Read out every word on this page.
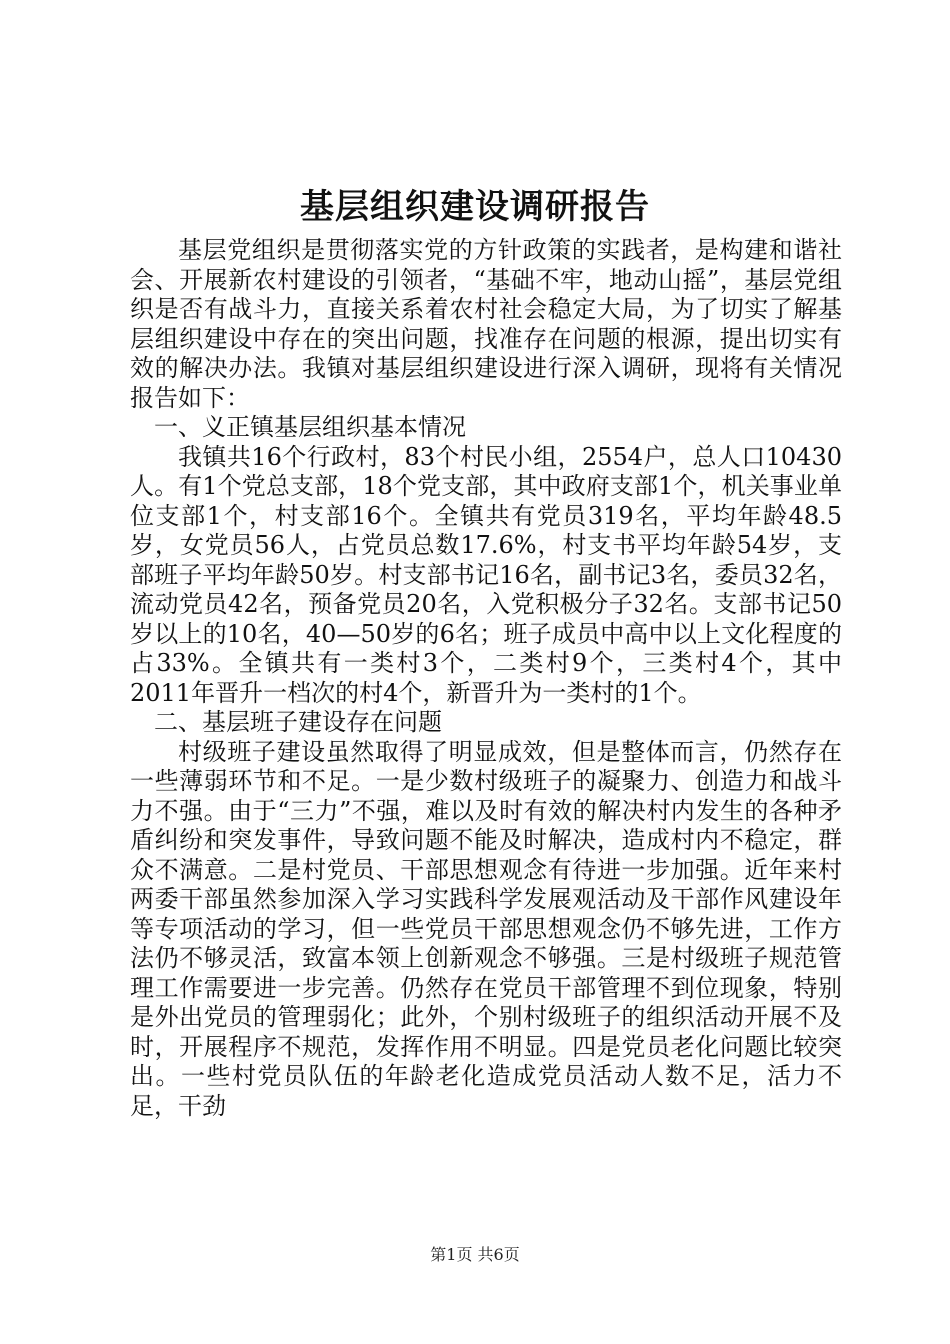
基层组织建设调研报告

基层党组织是贯彻落实党的方针政策的实践者，是构建和谐社会、开展新农村建设的引领者，“基础不牢，地动山摇”，基层党组织是否有战斗力，直接关系着农村社会稳定大局，为了切实了解基层组织建设中存在的突出问题，找准存在问题的根源，提出切实有效的解决办法。我镇对基层组织建设进行深入调研，现将有关情况报告如下：

一、义正镇基层组织基本情况

我镇共16个行政村，83个村民小组，2554户，总人口10430人。有1个党总支部，18个党支部，其中政府支部1个，机关事业单位支部1个，村支部16个。全镇共有党员319名，平均年龄48.5岁，女党员56人，占党员总数17.6%，村支书平均年龄54岁，支部班子平均年龄50岁。村支部书记16名，副书记3名，委员32名，流动党员42名，预备党员20名，入党积极分子32名。支部书记50岁以上的10名，40—50岁的6名；班子成员中高中以上文化程度的占33%。全镇共有一类村3个，二类村9个，三类村4个，其中2011年晋升一档次的村4个，新晋升为一类村的1个。

二、基层班子建设存在问题

村级班子建设虽然取得了明显成效，但是整体而言，仍然存在一些薄弱环节和不足。一是少数村级班子的凝聚力、创造力和战斗力不强。由于“三力”不强，难以及时有效的解决村内发生的各种矛盾纠纷和突发事件，导致问题不能及时解决，造成村内不稳定，群众不满意。二是村党员、干部思想观念有待进一步加强。近年来村两委干部虽然参加深入学习实践科学发展观活动及干部作风建设年等专项活动的学习，但一些党员干部思想观念仍不够先进，工作方法仍不够灵活，致富本领上创新观念不够强。三是村级班子规范管理工作需要进一步完善。仍然存在党员干部管理不到位现象，特别是外出党员的管理弱化；此外，个别村级班子的组织活动开展不及时，开展程序不规范，发挥作用不明显。四是党员老化问题比较突出。一些村党员队伍的年龄老化造成党员活动人数不足，活力不足，干劲

第1页 共6页
